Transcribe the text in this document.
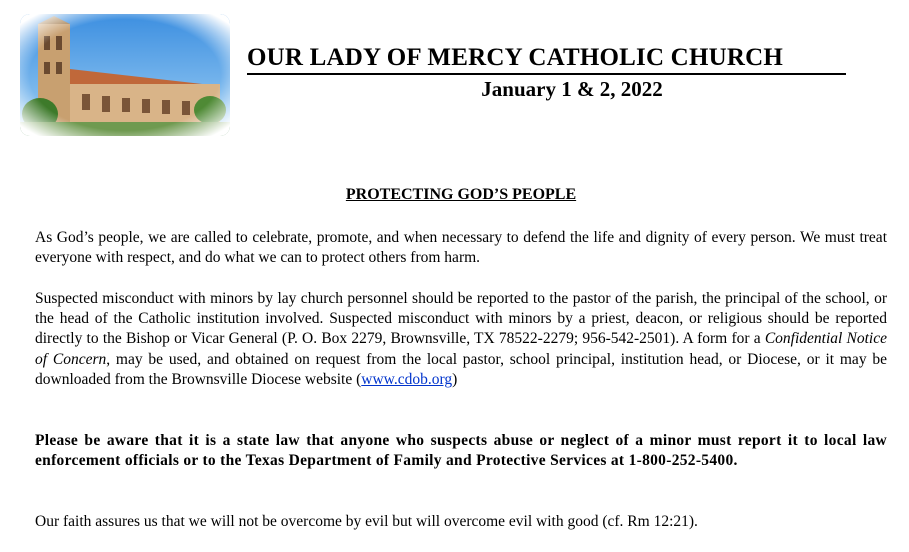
OUR LADY OF MERCY CATHOLIC CHURCH
January 1 & 2, 2022
PROTECTING GOD’S PEOPLE
As God’s people, we are called to celebrate, promote, and when necessary to defend the life and dignity of every person. We must treat everyone with respect, and do what we can to protect others from harm.
Suspected misconduct with minors by lay church personnel should be reported to the pastor of the parish, the principal of the school, or the head of the Catholic institution involved. Suspected misconduct with minors by a priest, deacon, or religious should be reported directly to the Bishop or Vicar General (P. O. Box 2279, Brownsville, TX 78522-2279; 956-542-2501). A form for a Confidential Notice of Concern, may be used, and obtained on request from the local pastor, school principal, institution head, or Diocese, or it may be downloaded from the Brownsville Diocese website (www.cdob.org)
Please be aware that it is a state law that anyone who suspects abuse or neglect of a minor must report it to local law enforcement officials or to the Texas Department of Family and Protective Services at 1-800-252-5400.
Our faith assures us that we will not be overcome by evil but will overcome evil with good (cf. Rm 12:21).
